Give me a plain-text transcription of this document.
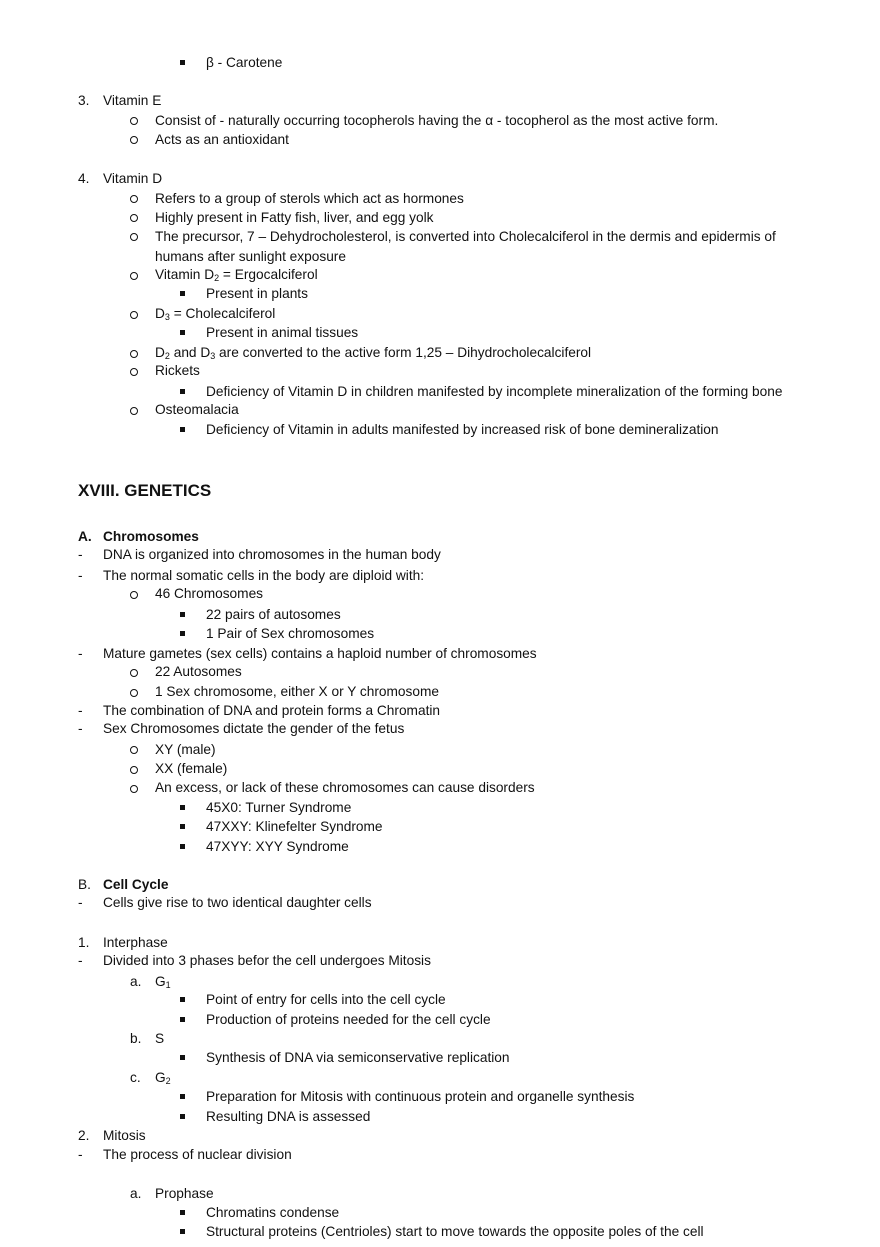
β - Carotene
3. Vitamin E
Consist of - naturally occurring tocopherols having the α - tocopherol as the most active form.
Acts as an antioxidant
4. Vitamin D
Refers to a group of sterols which act as hormones
Highly present in Fatty fish, liver, and egg yolk
The precursor, 7 – Dehydrocholesterol, is converted into Cholecalciferol in the dermis and epidermis of
humans after sunlight exposure
Vitamin $D_2$ = Ergocalciferol
Present in plants
$D_3$ = Cholecalciferol
Present in animal tissues
$D_2$ and $D_3$ are converted to the active form 1,25 – Dihydrocholecalciferol
Rickets
Deficiency of Vitamin D in children manifested by incomplete mineralization of the forming bone
Osteomalacia
Deficiency of Vitamin in adults manifested by increased risk of bone demineralization
XVIII. GENETICS
A. Chromosomes
- DNA is organized into chromosomes in the human body
- The normal somatic cells in the body are diploid with:
46 Chromosomes
22 pairs of autosomes
1 Pair of Sex chromosomes
- Mature gametes (sex cells) contains a haploid number of chromosomes
22 Autosomes
1 Sex chromosome, either X or Y chromosome
- The combination of DNA and protein forms a Chromatin
- Sex Chromosomes dictate the gender of the fetus
XY (male)
XX (female)
An excess, or lack of these chromosomes can cause disorders
45X0: Turner Syndrome
47XXY: Klinefelter Syndrome
47XYY: XYY Syndrome
B. Cell Cycle
- Cells give rise to two identical daughter cells
1. Interphase
- Divided into 3 phases befor the cell undergoes Mitosis
a. $G_1$
Point of entry for cells into the cell cycle
Production of proteins needed for the cell cycle
b. S
Synthesis of DNA via semiconservative replication
c. $G_2$
Preparation for Mitosis with continuous protein and organelle synthesis
Resulting DNA is assessed
2. Mitosis
- The process of nuclear division
a. Prophase
Chromatins condense
Structural proteins (Centrioles) start to move towards the opposite poles of the cell
